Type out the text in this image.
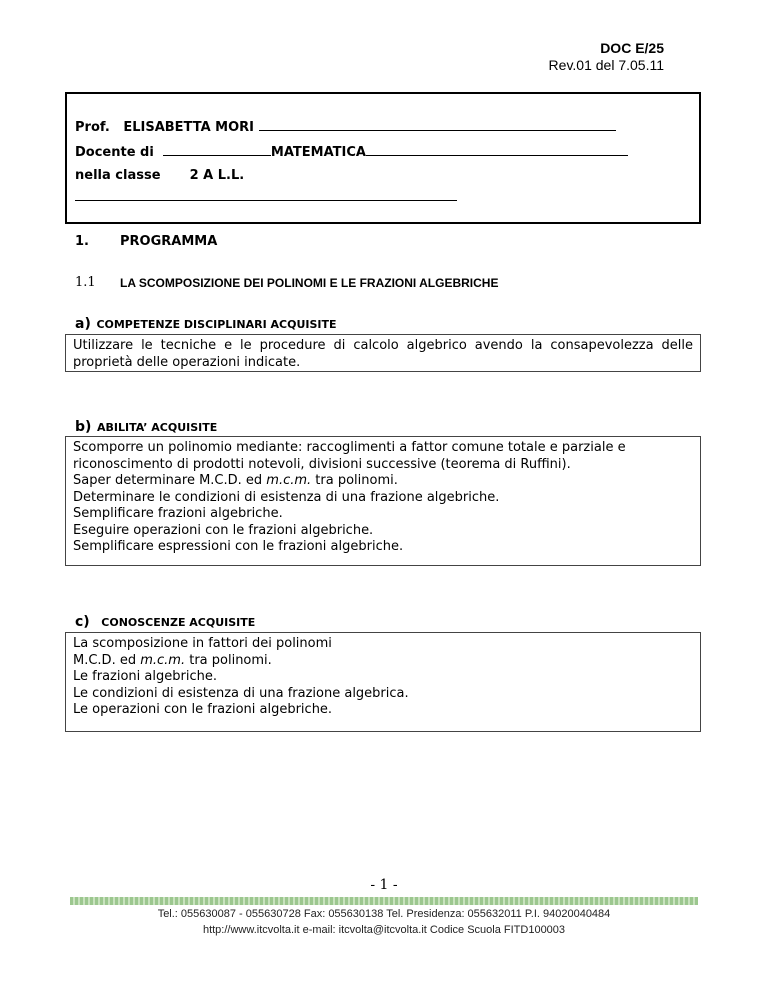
DOC E/25
Rev.01 del 7.05.11
Prof. ELISABETTA MORI
Docente di	MATEMATICA
nella classe 2 A L.L.
1. PROGRAMMA
1.1 LA SCOMPOSIZIONE DEI POLINOMI E LE FRAZIONI ALGEBRICHE
a) COMPETENZE DISCIPLINARI ACQUISITE
Utilizzare le tecniche e le procedure di calcolo algebrico avendo la consapevolezza delle proprietà delle operazioni indicate.
b) ABILITA’ ACQUISITE
Scomporre un polinomio mediante: raccoglimenti a fattor comune totale e parziale e
riconoscimento di prodotti notevoli, divisioni successive (teorema di Ruffini).
Saper determinare M.C.D. ed m.c.m. tra polinomi.
Determinare le condizioni di esistenza di una frazione algebriche.
Semplificare frazioni algebriche.
Eseguire operazioni con le frazioni algebriche.
Semplificare espressioni con le frazioni algebriche.
c) CONOSCENZE ACQUISITE
La scomposizione in fattori dei polinomi
M.C.D. ed m.c.m. tra polinomi.
Le frazioni algebriche.
Le condizioni di esistenza di una frazione algebrica.
Le operazioni con le frazioni algebriche.
- 1 -
Tel.: 055630087 - 055630728 Fax: 055630138 Tel. Presidenza: 055632011 P.I. 94020040484
http://www.itcvolta.it e-mail: itcvolta@itcvolta.it Codice Scuola FITD100003
